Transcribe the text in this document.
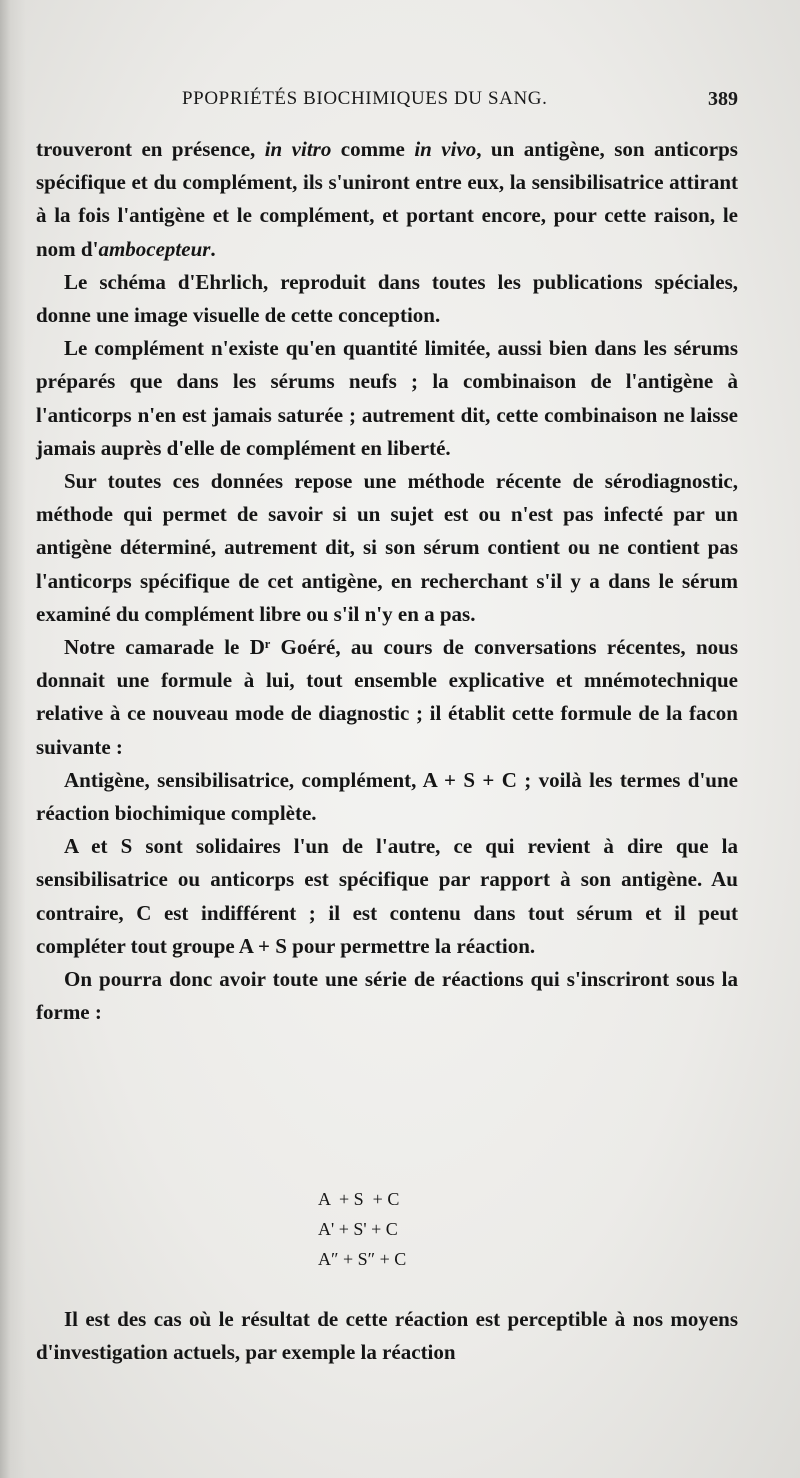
PPOPRIÉTÉS BIOCHIMIQUES DU SANG.	389

trouveront en présence, in vitro comme in vivo, un antigène, son anticorps spécifique et du complément, ils s'uniront entre eux, la sensibilisatrice attirant à la fois l'antigène et le complément, et portant encore, pour cette raison, le nom d'ambocepteur.

Le schéma d'Ehrlich, reproduit dans toutes les publications spéciales, donne une image visuelle de cette conception.

Le complément n'existe qu'en quantité limitée, aussi bien dans les sérums préparés que dans les sérums neufs ; la combinaison de l'antigène à l'anticorps n'en est jamais saturée ; autrement dit, cette combinaison ne laisse jamais auprès d'elle de complément en liberté.

Sur toutes ces données repose une méthode récente de sérodiagnostic, méthode qui permet de savoir si un sujet est ou n'est pas infecté par un antigène déterminé, autrement dit, si son sérum contient ou ne contient pas l'anticorps spécifique de cet antigène, en recherchant s'il y a dans le sérum examiné du complément libre ou s'il n'y en a pas.

Notre camarade le Dʳ Goéré, au cours de conversations récentes, nous donnait une formule à lui, tout ensemble explicative et mnémotechnique relative à ce nouveau mode de diagnostic ; il établit cette formule de la facon suivante :

Antigène, sensibilisatrice, complément, A + S + C ; voilà les termes d'une réaction biochimique complète.

A et S sont solidaires l'un de l'autre, ce qui revient à dire que la sensibilisatrice ou anticorps est spécifique par rapport à son antigène. Au contraire, C est indifférent ; il est contenu dans tout sérum et il peut compléter tout groupe A + S pour permettre la réaction.

On pourra donc avoir toute une série de réactions qui s'inscriront sous la forme :

A  + S  + C
A' + S' + C
A″ + S″ + C

Il est des cas où le résultat de cette réaction est perceptible à nos moyens d'investigation actuels, par exemple la réaction
